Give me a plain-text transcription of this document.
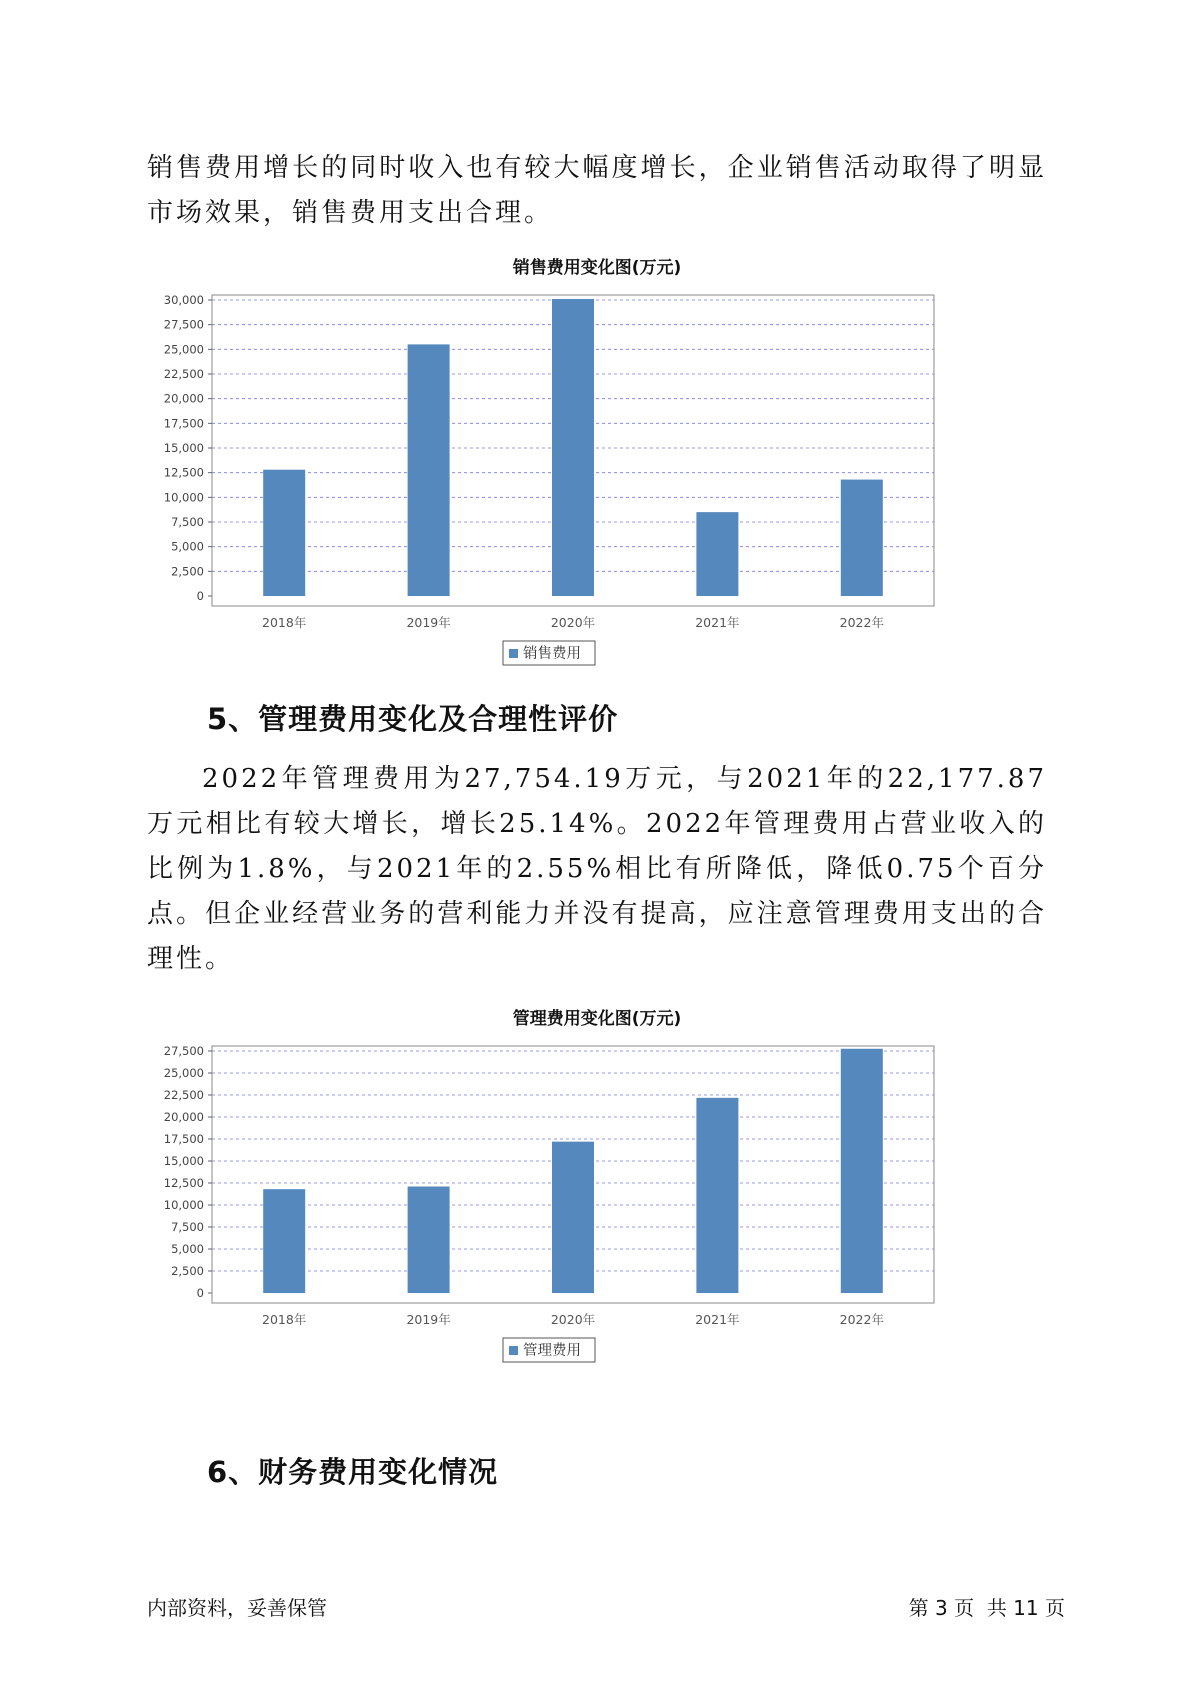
销售费用增长的同时收入也有较大幅度增长，企业销售活动取得了明显市场效果，销售费用支出合理。

销售费用变化图(万元)
0
2,500
5,000
7,500
10,000
12,500
15,000
17,500
20,000
22,500
25,000
27,500
30,000
2018年	2019年	2020年	2021年	2022年
销售费用
5、管理费用变化及合理性评价

2022年管理费用为27,754.19万元，与2021年的22,177.87万元相比有较大增长，增长25.14%。2022年管理费用占营业收入的比例为1.8%，与2021年的2.55%相比有所降低，降低0.75个百分点。但企业经营业务的营利能力并没有提高，应注意管理费用支出的合理性。

管理费用变化图(万元)
0
2,500
5,000
7,500
10,000
12,500
15,000
17,500
20,000
22,500
25,000
27,500
2018年	2019年	2020年	2021年	2022年
管理费用
6、财务费用变化情况
内部资料，妥善保管	第 3 页  共 11 页
